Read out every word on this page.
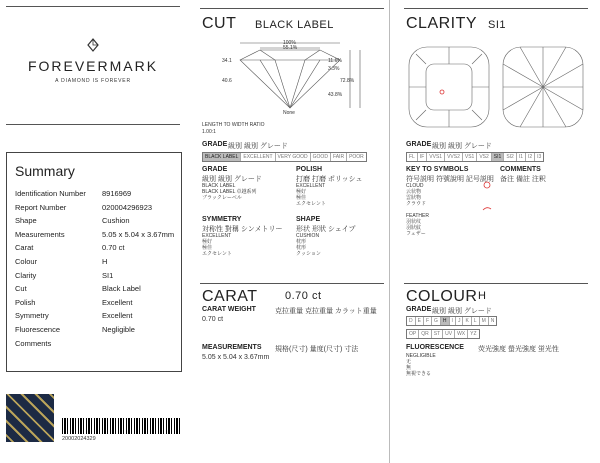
FOREVERMARK
A DIAMOND IS FOREVER
Summary
Identification Number 8916969
Report Number	020004296923
Shape	Cushion
Measurements	5.05 x 5.04 x 3.67mm
Carat	0.70 ct
Colour	H
Clarity	SI1
Cut	Black Label
Polish	Excellent
Symmetry	Excellent
Fluorescence	Negligible
Comments
20002024329
CUT BLACK LABEL
100%
55.1%
34.1
40.6
11.6%
3.3%
43.8%
72.8%
None
LENGTH TO WIDTH RATIO
1.00:1
GRADE 級別 級別 グレード
BLACK LABEL	EXCELLENT	VERY GOOD	GOOD	FAIR	POOR
GRADE
級別 級別 グレード
BLACK LABEL
BLACK LABEL 卓越系列
ブラックレーベル
POLISH
打磨 打磨 ポリッシュ
EXCELLENT
極好
極佳
エクセレント
SYMMETRY
対称性 對稱 シンメトリー
EXCELLENT
極好
極佳
エクセレント
SHAPE
形状 形狀 シェイプ
CUSHION
枕形
枕形
クッション
CLARITY SI1
GRADE 級別 級別 グレード
FL	IF	VVS1	VVS2	VS1	VS2	SI1	SI2	I1	I2	I3
KEY TO SYMBOLS
符号説明 符號說明 記号説明
CLOUD
云状物
雲狀物
クラウド

FEATHER
羽状纹
羽狀紋
フェザー
COMMENTS
备注 備註 注釈
CARAT 0.70 ct
CARAT WEIGHT	克拉重量 克拉重量 カラット重量
0.70 ct
MEASUREMENTS 規格(尺寸) 量度(尺寸) 寸法
5.05 x 5.04 x 3.67mm
COLOUR H
GRADE 級別 級別 グレード
D	E	F	G	H	I	J	K	L	M	N
OP	QR	ST	UV	WX	YZ
FLUORESCENCE 荧光強度 螢光強度 蛍光性
NEGLIGIBLE
无
無
無視できる
